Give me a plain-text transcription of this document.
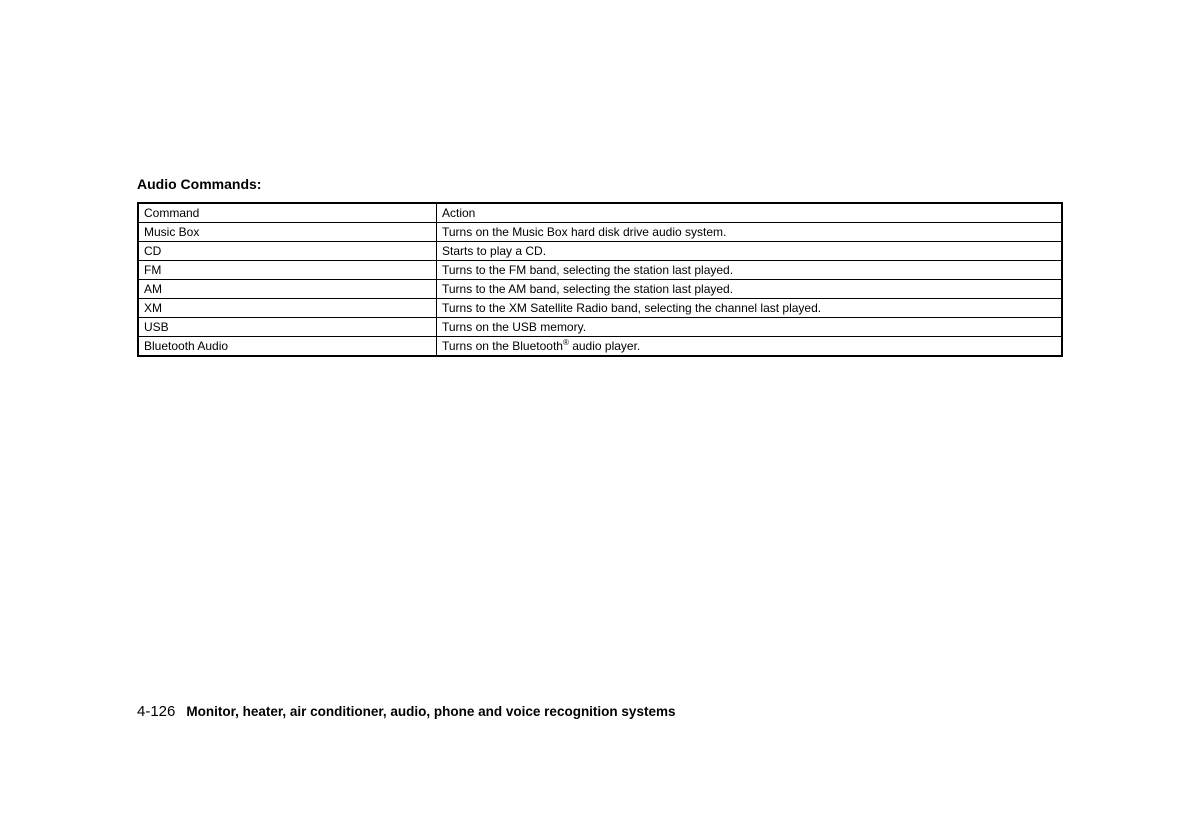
Audio Commands:
Command	Action
Music Box	Turns on the Music Box hard disk drive audio system.
CD	Starts to play a CD.
FM	Turns to the FM band, selecting the station last played.
AM	Turns to the AM band, selecting the station last played.
XM	Turns to the XM Satellite Radio band, selecting the channel last played.
USB	Turns on the USB memory.
Bluetooth Audio	Turns on the Bluetooth® audio player.
4-126 Monitor, heater, air conditioner, audio, phone and voice recognition systems
